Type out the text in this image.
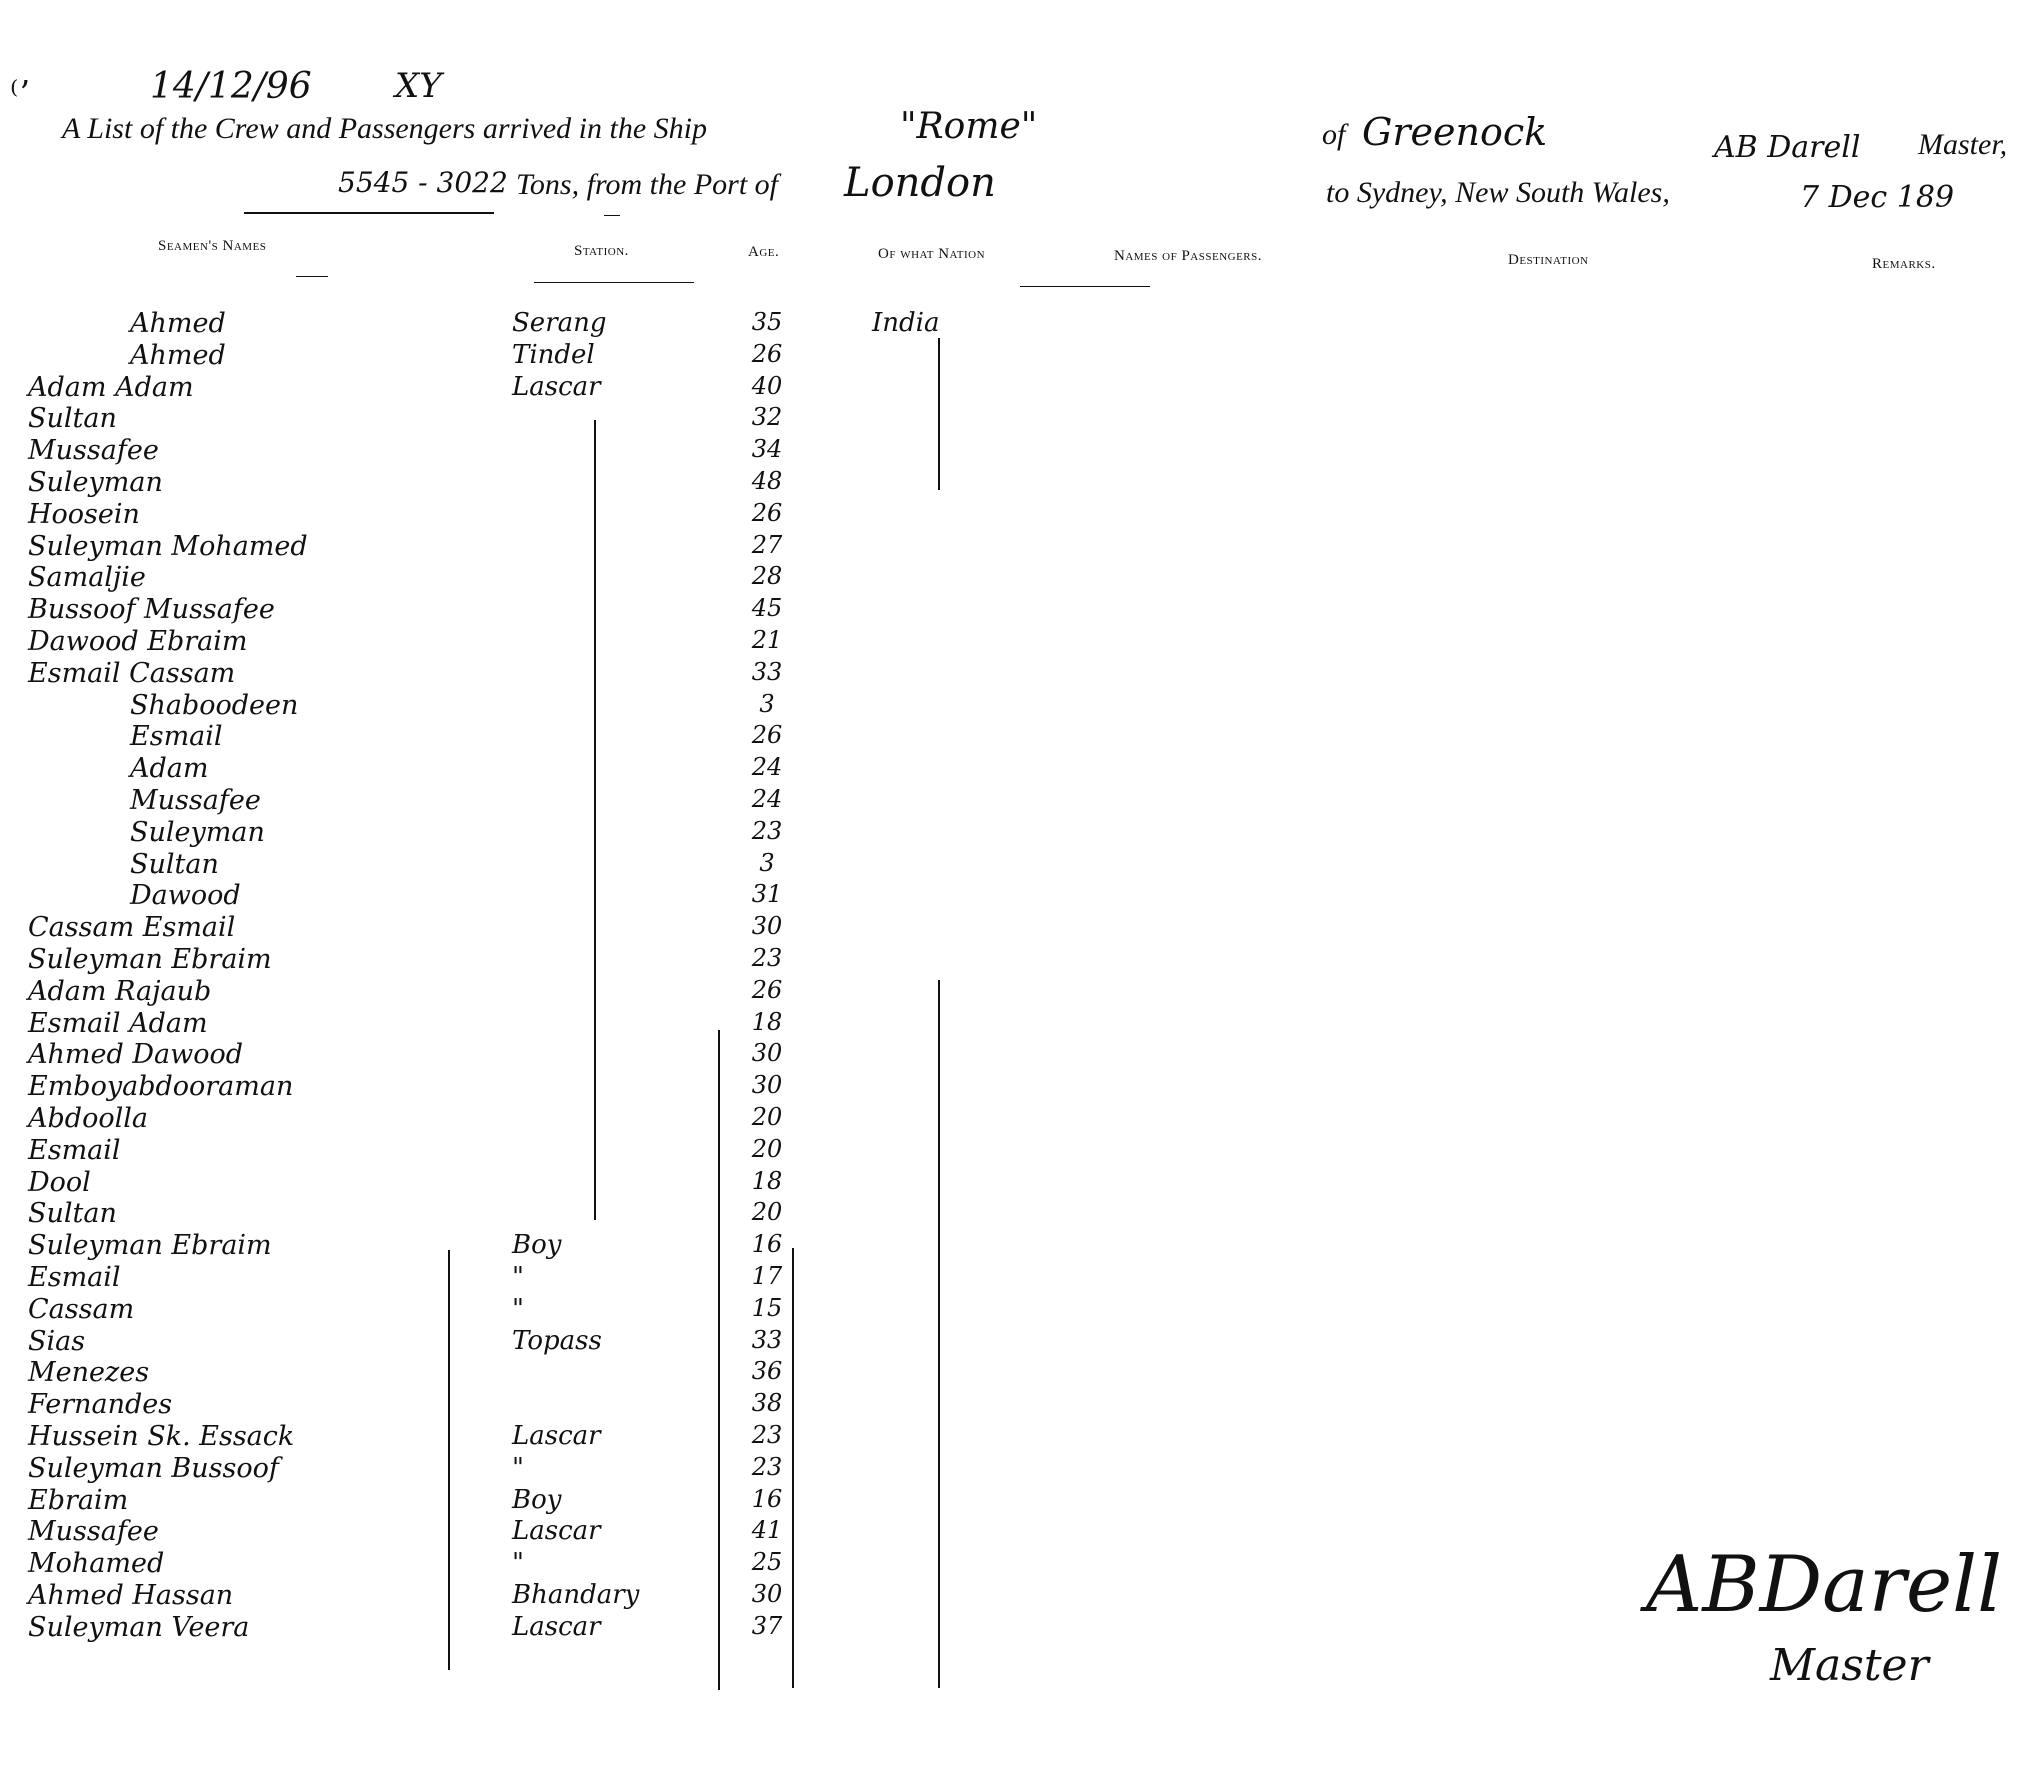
⁽ʼ	14/12/96 XY
A List of the Crew and Passengers arrived in the Ship	"Rome"	of Greenock	AB Darell Master,
5545 - 3022 Tons, from the Port of London	to Sydney, New South Wales,	7 Dec 189
Seamen's Names	Station.	Age.	Of what Nation	Names of Passengers.	Destination	Remarks.
Ahmed	Serang	35	India
Ahmed	Tindel	26
Adam Adam	Lascar	40
Sultan	32
Mussafee	34
Suleyman	48
Hoosein	26
Suleyman Mohamed	27
Samaljie	28
Bussoof Mussafee	45
Dawood Ebraim	21
Esmail Cassam	33
Shaboodeen	3
Esmail	26
Adam	24
Mussafee	24
Suleyman	23
Sultan	3
Dawood	31
Cassam Esmail	30
Suleyman Ebraim	23
Adam Rajaub	26
Esmail Adam	18
Ahmed Dawood	30
Emboyabdooraman	30
Abdoolla	20
Esmail	20
Dool	18
Sultan	20
Suleyman Ebraim	Boy	16
Esmail	"	17
Cassam	"	15
Sias	Topass	33
Menezes	36
Fernandes	38
Hussein Sk. Essack	Lascar	23
Suleyman Bussoof	"	23
Ebraim	Boy	16
Mussafee	Lascar	41
Mohamed	"	25
Ahmed Hassan	Bhandary	30
Suleyman Veera	Lascar	37	ABDarell
Master
